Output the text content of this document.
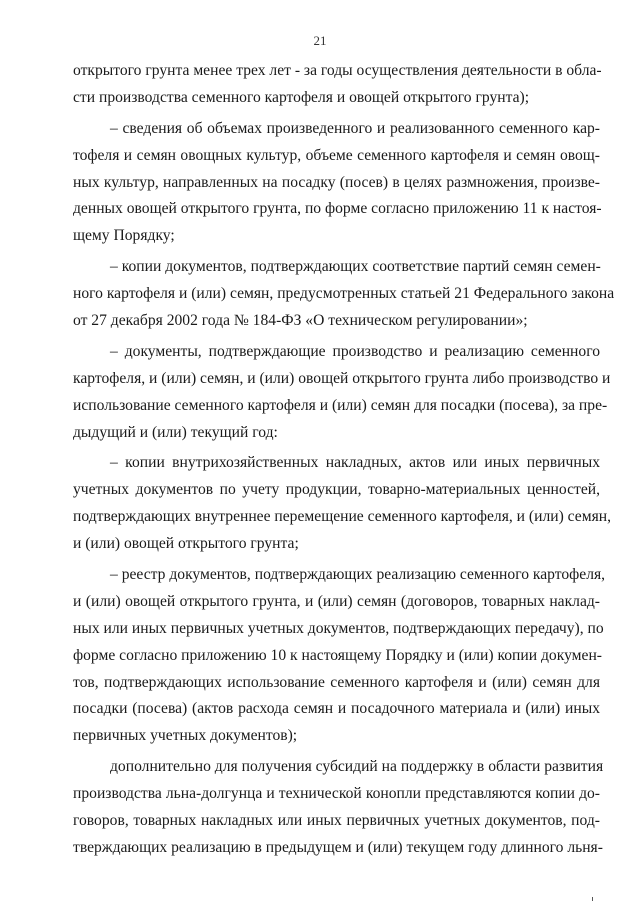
21
открытого грунта менее трех лет - за годы осуществления деятельности в обла-
сти производства семенного картофеля и овощей открытого грунта);
– сведения об объемах произведенного и реализованного семенного кар-
тофеля и семян овощных культур, объеме семенного картофеля и семян овощ-
ных культур, направленных на посадку (посев) в целях размножения, произве-
денных овощей открытого грунта, по форме согласно приложению 11 к настоя-
щему Порядку;
– копии документов, подтверждающих соответствие партий семян семен-
ного картофеля и (или) семян, предусмотренных статьей 21 Федерального закона
от 27 декабря 2002 года № 184-ФЗ «О техническом регулировании»;
– документы, подтверждающие производство и реализацию семенного
картофеля, и (или) семян, и (или) овощей открытого грунта либо производство и
использование семенного картофеля и (или) семян для посадки (посева), за пре-
дыдущий и (или) текущий год:
– копии внутрихозяйственных накладных, актов или иных первичных
учетных документов по учету продукции, товарно-материальных ценностей,
подтверждающих внутреннее перемещение семенного картофеля, и (или) семян,
и (или) овощей открытого грунта;
– реестр документов, подтверждающих реализацию семенного картофеля,
и (или) овощей открытого грунта, и (или) семян (договоров, товарных наклад-
ных или иных первичных учетных документов, подтверждающих передачу), по
форме согласно приложению 10 к настоящему Порядку и (или) копии докумен-
тов, подтверждающих использование семенного картофеля и (или) семян для
посадки (посева) (актов расхода семян и посадочного материала и (или) иных
первичных учетных документов);
дополнительно для получения субсидий на поддержку в области развития
производства льна-долгунца и технической конопли представляются копии до-
говоров, товарных накладных или иных первичных учетных документов, под-
тверждающих реализацию в предыдущем и (или) текущем году длинного льня-
